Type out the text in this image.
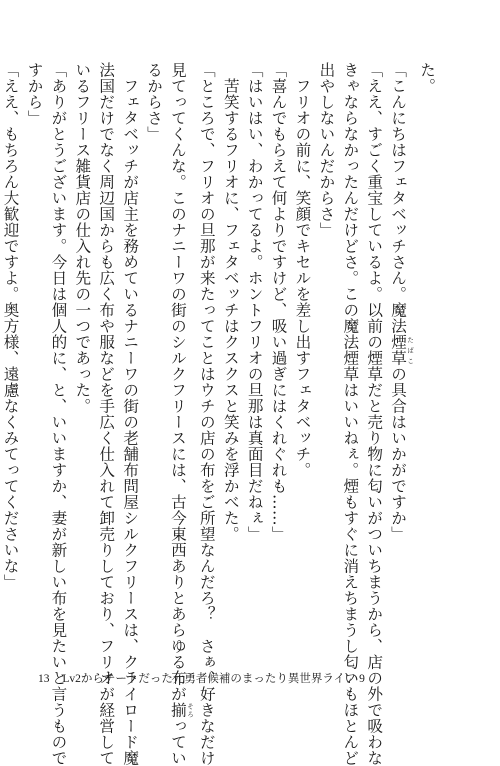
た。
「こんにちはフェタベッチさん。魔法煙草 たばこの具合はいかがですか」
「ええ、すごく重宝しているよ。以前の煙草だと売り物に匂いがついちまうから、店の外で吸わな
きゃならなかったんだけどさ。この魔法煙草はいいねぇ。煙もすぐに消えちまうし匂いもほとんど
出やしないんだからさ」
フリオの前に、笑顔でキセルを差し出すフェタベッチ。
「喜んでもらえて何よりですけど、吸い過ぎにはくれぐれも……」
「はいはい、わかってるよ。ホントフリオの旦那は真面目だねぇ」
苦笑するフリオに、フェタベッチはクスクスと笑みを浮かべた。
「ところで、フリオの旦那が来たってことはウチの店の布をご所望なんだろ？　さぁ、好きなだけ
見てってくんな。このナニーワの街のシルクフリースには、古今東西ありとあらゆる布が揃 そろってい
るからさ」
フェタベッチが店主を務めているナニーワの街の老舗布問屋シルクフリースは、クライロード魔
法国だけでなく周辺国からも広く布や服などを手広く仕入れて卸売りしており、フリオが経営して
いるフリース雑貨店の仕入れ先の一つであった。
「ありがとうございます。今日は個人的に、と、いいますか、妻が新しい布を見たいと言うもので
すから」
「ええ、もちろん大歓迎ですよ。奥方様、遠慮なくみてってくださいな」
13 Lv2からチートだった元勇者候補のまったり異世界ライフ 9
